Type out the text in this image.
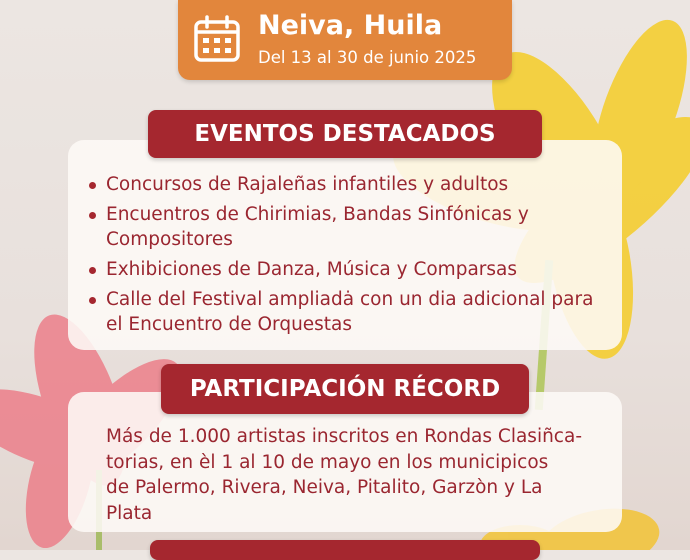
Neiva, Huila
Del 13 al 30 de junio 2025
EVENTOS DESTACADOS
Concursos de Rajaleñas infantiles y adultos
Encuentros de Chirimias, Bandas Sinfónicas y
Compositores
Exhibiciones de Danza, Música y Comparsas
Calle del Festival ampliadȧ con un dia adicional para
el Encuentro de Orquestas
PARTICIPACIÓN RÉCORD
Más de 1.000 artistas inscritos en Rondas Clasiñca-
torias, en èl 1 al 10 de mayo en los municipicos
de Palermo, Rivera, Neiva, Pitalito, Garzòn y La
Plata
